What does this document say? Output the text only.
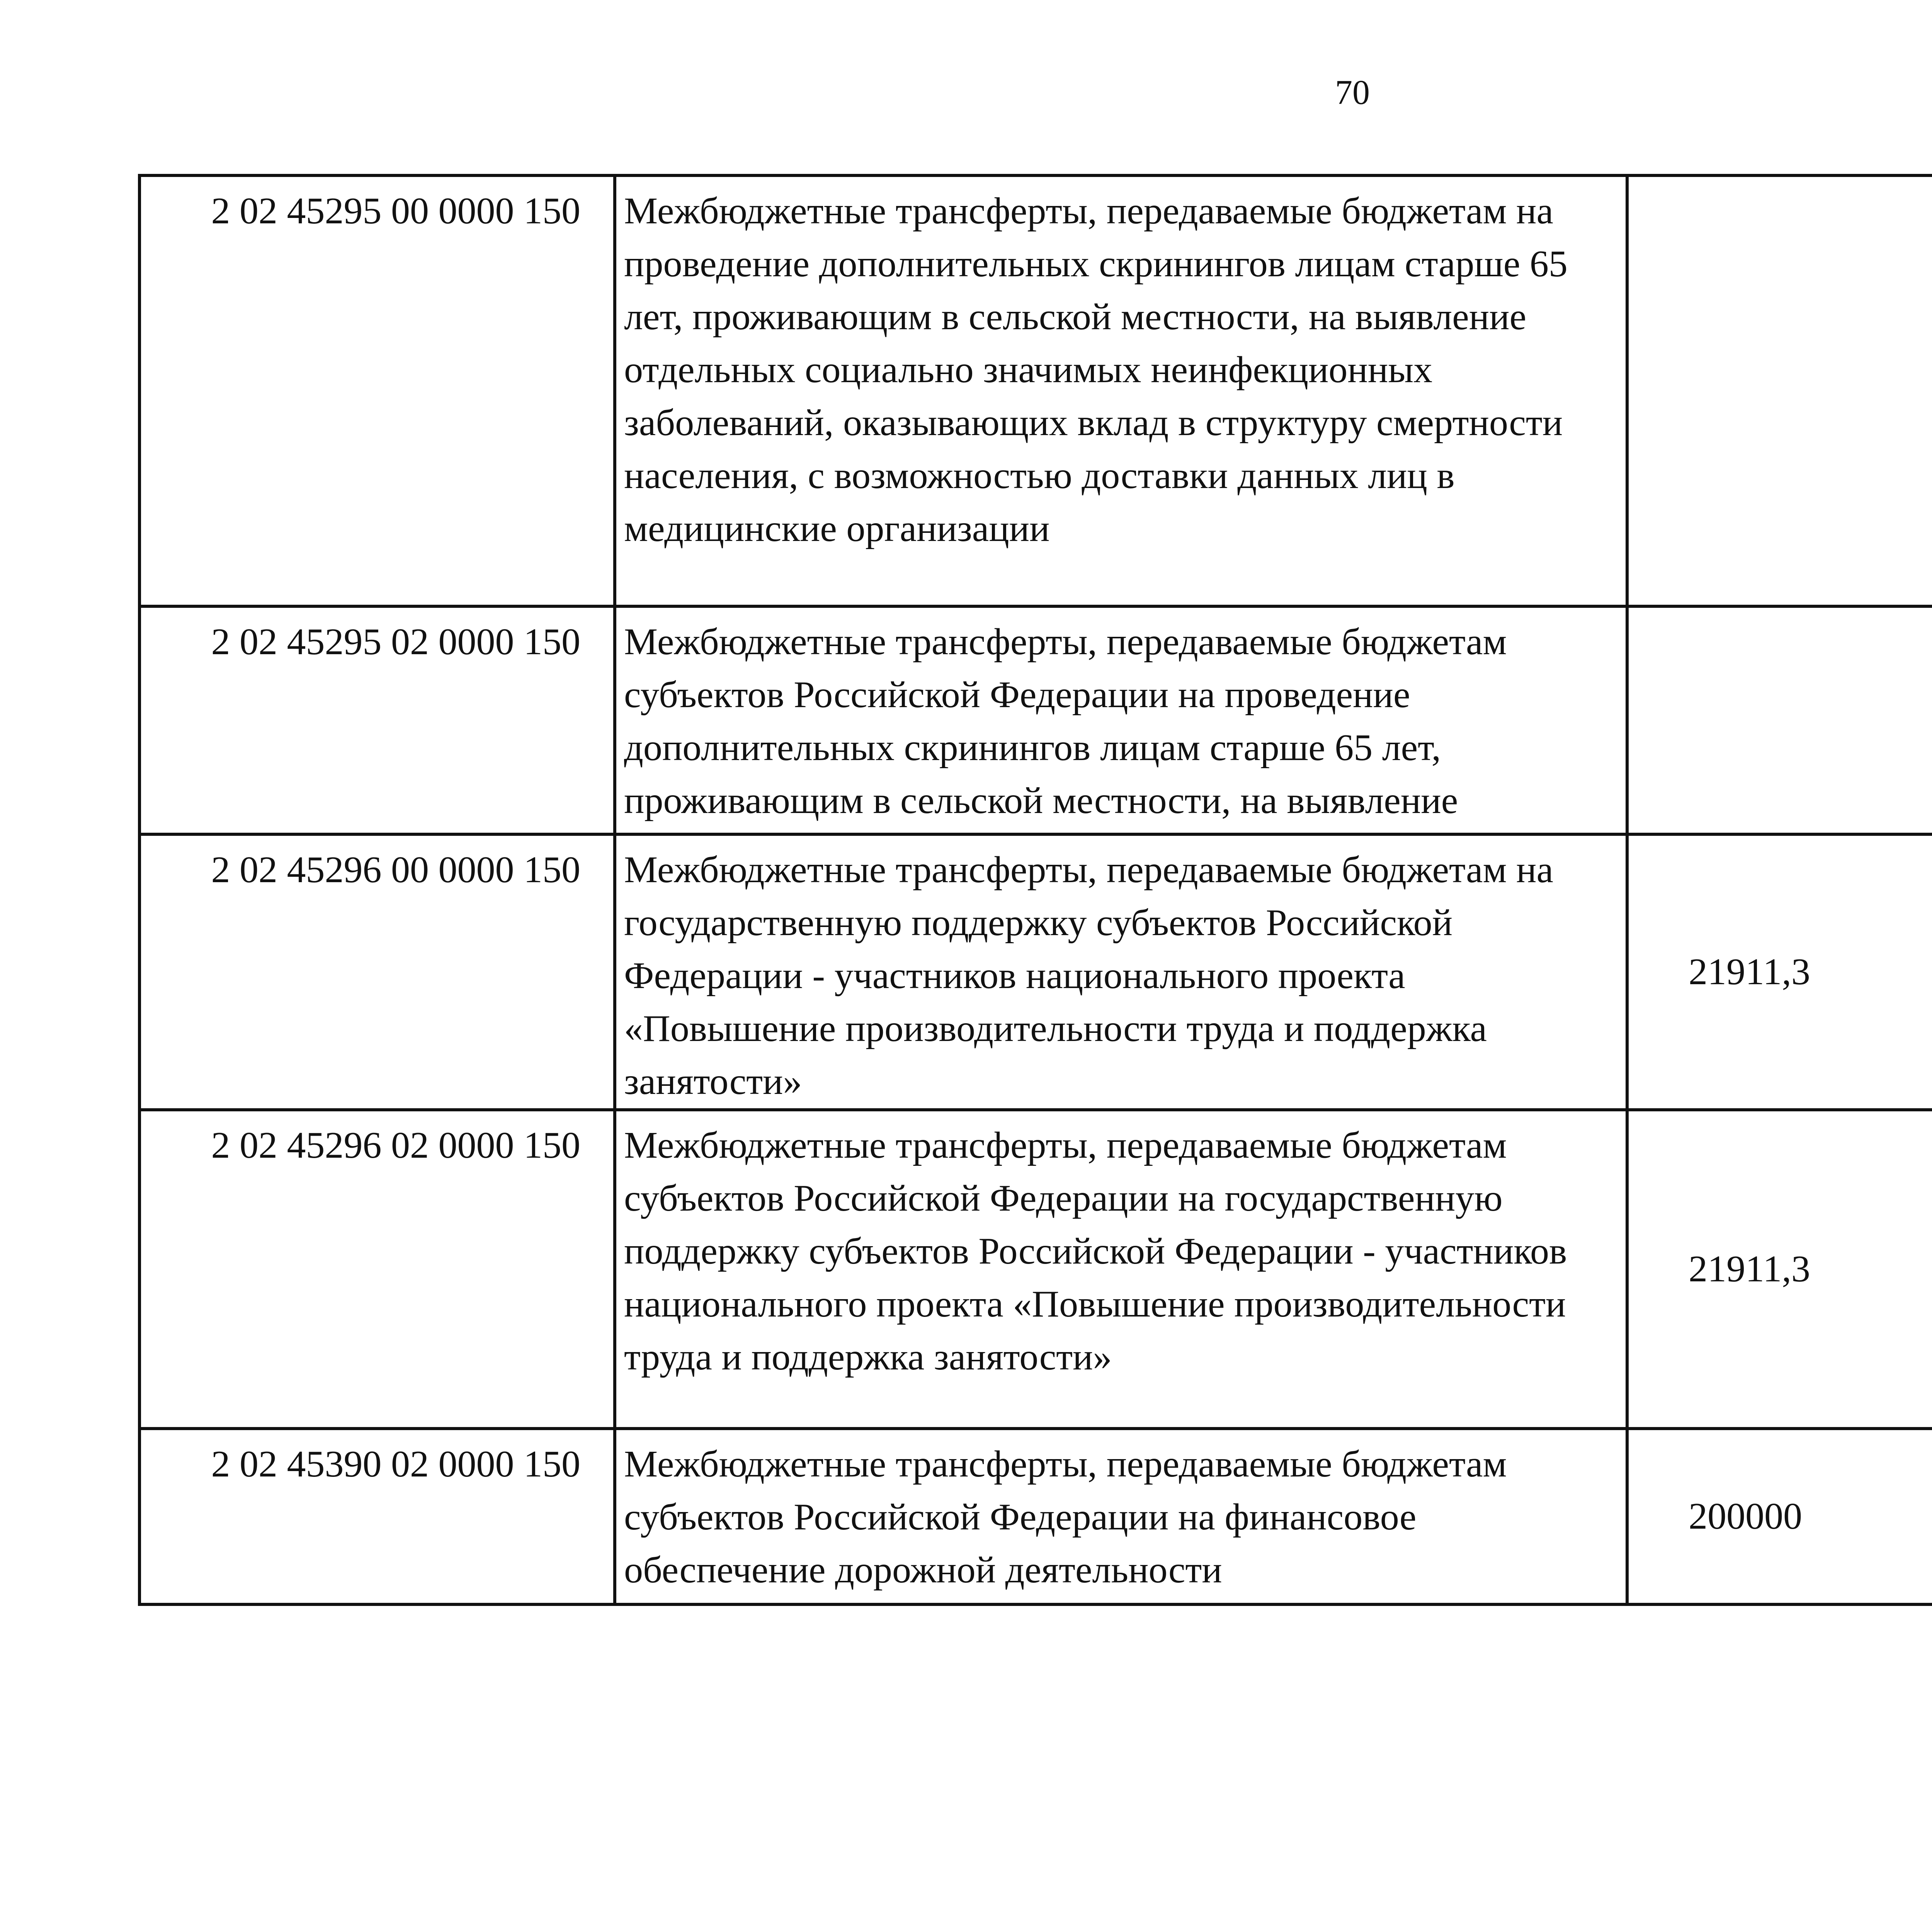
70
2 02 45295 00 0000 150	Межбюджетные трансферты, передаваемые бюджетам на проведение дополнительных скринингов лицам старше 65 лет, проживающим в сельской местности, на выявление отдельных социально значимых неинфекционных заболеваний, оказывающих вклад в структуру смертности населения, с возможностью доставки данных лиц в медицинские организации

2 02 45295 02 0000 150	Межбюджетные трансферты, передаваемые бюджетам субъектов Российской Федерации на проведение дополнительных скринингов лицам старше 65 лет, проживающим в сельской местности, на выявление

2 02 45296 00 0000 150	Межбюджетные трансферты, передаваемые бюджетам на государственную поддержку субъектов Российской Федерации - участников национального проекта «Повышение производительности труда и поддержка занятости»	21911,3		
2 02 45296 02 0000 150	Межбюджетные трансферты, передаваемые бюджетам субъектов Российской Федерации на государственную поддержку субъектов Российской Федерации - участников национального проекта «Повышение производительности труда и поддержка занятости»	21911,3		
2 02 45390 02 0000 150	Межбюджетные трансферты, передаваемые бюджетам субъектов Российской Федерации на финансовое обеспечение дорожной деятельности	200000		
